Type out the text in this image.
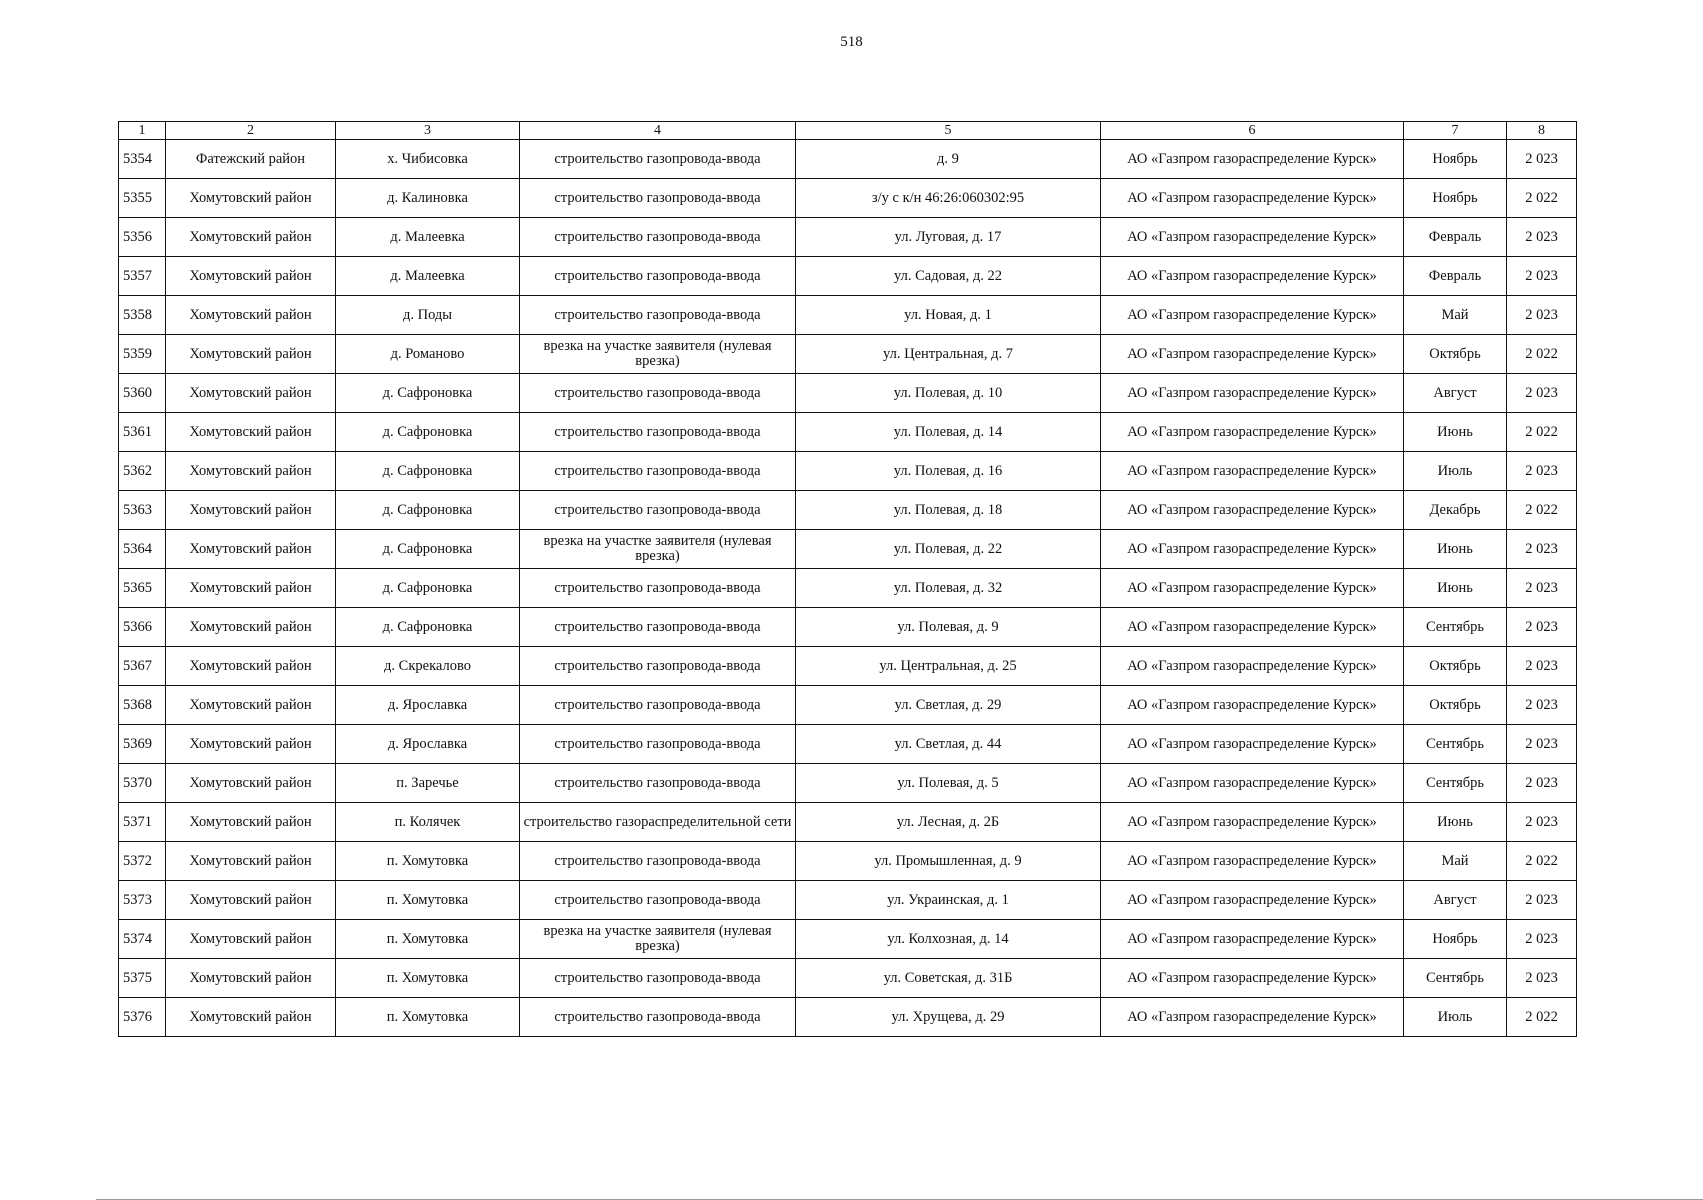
518
1	2	3	4	5	6	7	8
5354	Фатежский район	х. Чибисовка	строительство газопровода-ввода	д. 9	АО «Газпром газораспределение Курск»	Ноябрь	2 023
5355	Хомутовский район	д. Калиновка	строительство газопровода-ввода	з/у с к/н 46:26:060302:95	АО «Газпром газораспределение Курск»	Ноябрь	2 022
5356	Хомутовский район	д. Малеевка	строительство газопровода-ввода	ул. Луговая, д. 17	АО «Газпром газораспределение Курск»	Февраль	2 023
5357	Хомутовский район	д. Малеевка	строительство газопровода-ввода	ул. Садовая, д. 22	АО «Газпром газораспределение Курск»	Февраль	2 023
5358	Хомутовский район	д. Поды	строительство газопровода-ввода	ул. Новая, д. 1	АО «Газпром газораспределение Курск»	Май	2 023
5359	Хомутовский район	д. Романово	врезка на участке заявителя (нулевая врезка)	ул. Центральная, д. 7	АО «Газпром газораспределение Курск»	Октябрь	2 022
5360	Хомутовский район	д. Сафроновка	строительство газопровода-ввода	ул. Полевая, д. 10	АО «Газпром газораспределение Курск»	Август	2 023
5361	Хомутовский район	д. Сафроновка	строительство газопровода-ввода	ул. Полевая, д. 14	АО «Газпром газораспределение Курск»	Июнь	2 022
5362	Хомутовский район	д. Сафроновка	строительство газопровода-ввода	ул. Полевая, д. 16	АО «Газпром газораспределение Курск»	Июль	2 023
5363	Хомутовский район	д. Сафроновка	строительство газопровода-ввода	ул. Полевая, д. 18	АО «Газпром газораспределение Курск»	Декабрь	2 022
5364	Хомутовский район	д. Сафроновка	врезка на участке заявителя (нулевая врезка)	ул. Полевая, д. 22	АО «Газпром газораспределение Курск»	Июнь	2 023
5365	Хомутовский район	д. Сафроновка	строительство газопровода-ввода	ул. Полевая, д. 32	АО «Газпром газораспределение Курск»	Июнь	2 023
5366	Хомутовский район	д. Сафроновка	строительство газопровода-ввода	ул. Полевая, д. 9	АО «Газпром газораспределение Курск»	Сентябрь	2 023
5367	Хомутовский район	д. Скрекалово	строительство газопровода-ввода	ул. Центральная, д. 25	АО «Газпром газораспределение Курск»	Октябрь	2 023
5368	Хомутовский район	д. Ярославка	строительство газопровода-ввода	ул. Светлая, д. 29	АО «Газпром газораспределение Курск»	Октябрь	2 023
5369	Хомутовский район	д. Ярославка	строительство газопровода-ввода	ул. Светлая, д. 44	АО «Газпром газораспределение Курск»	Сентябрь	2 023
5370	Хомутовский район	п. Заречье	строительство газопровода-ввода	ул. Полевая, д. 5	АО «Газпром газораспределение Курск»	Сентябрь	2 023
5371	Хомутовский район	п. Колячек	строительство газораспределительной сети	ул. Лесная, д. 2Б	АО «Газпром газораспределение Курск»	Июнь	2 023
5372	Хомутовский район	п. Хомутовка	строительство газопровода-ввода	ул. Промышленная, д. 9	АО «Газпром газораспределение Курск»	Май	2 022
5373	Хомутовский район	п. Хомутовка	строительство газопровода-ввода	ул. Украинская, д. 1	АО «Газпром газораспределение Курск»	Август	2 023
5374	Хомутовский район	п. Хомутовка	врезка на участке заявителя (нулевая врезка)	ул. Колхозная, д. 14	АО «Газпром газораспределение Курск»	Ноябрь	2 023
5375	Хомутовский район	п. Хомутовка	строительство газопровода-ввода	ул. Советская, д. 31Б	АО «Газпром газораспределение Курск»	Сентябрь	2 023
5376	Хомутовский район	п. Хомутовка	строительство газопровода-ввода	ул. Хрущева, д. 29	АО «Газпром газораспределение Курск»	Июль	2 022
